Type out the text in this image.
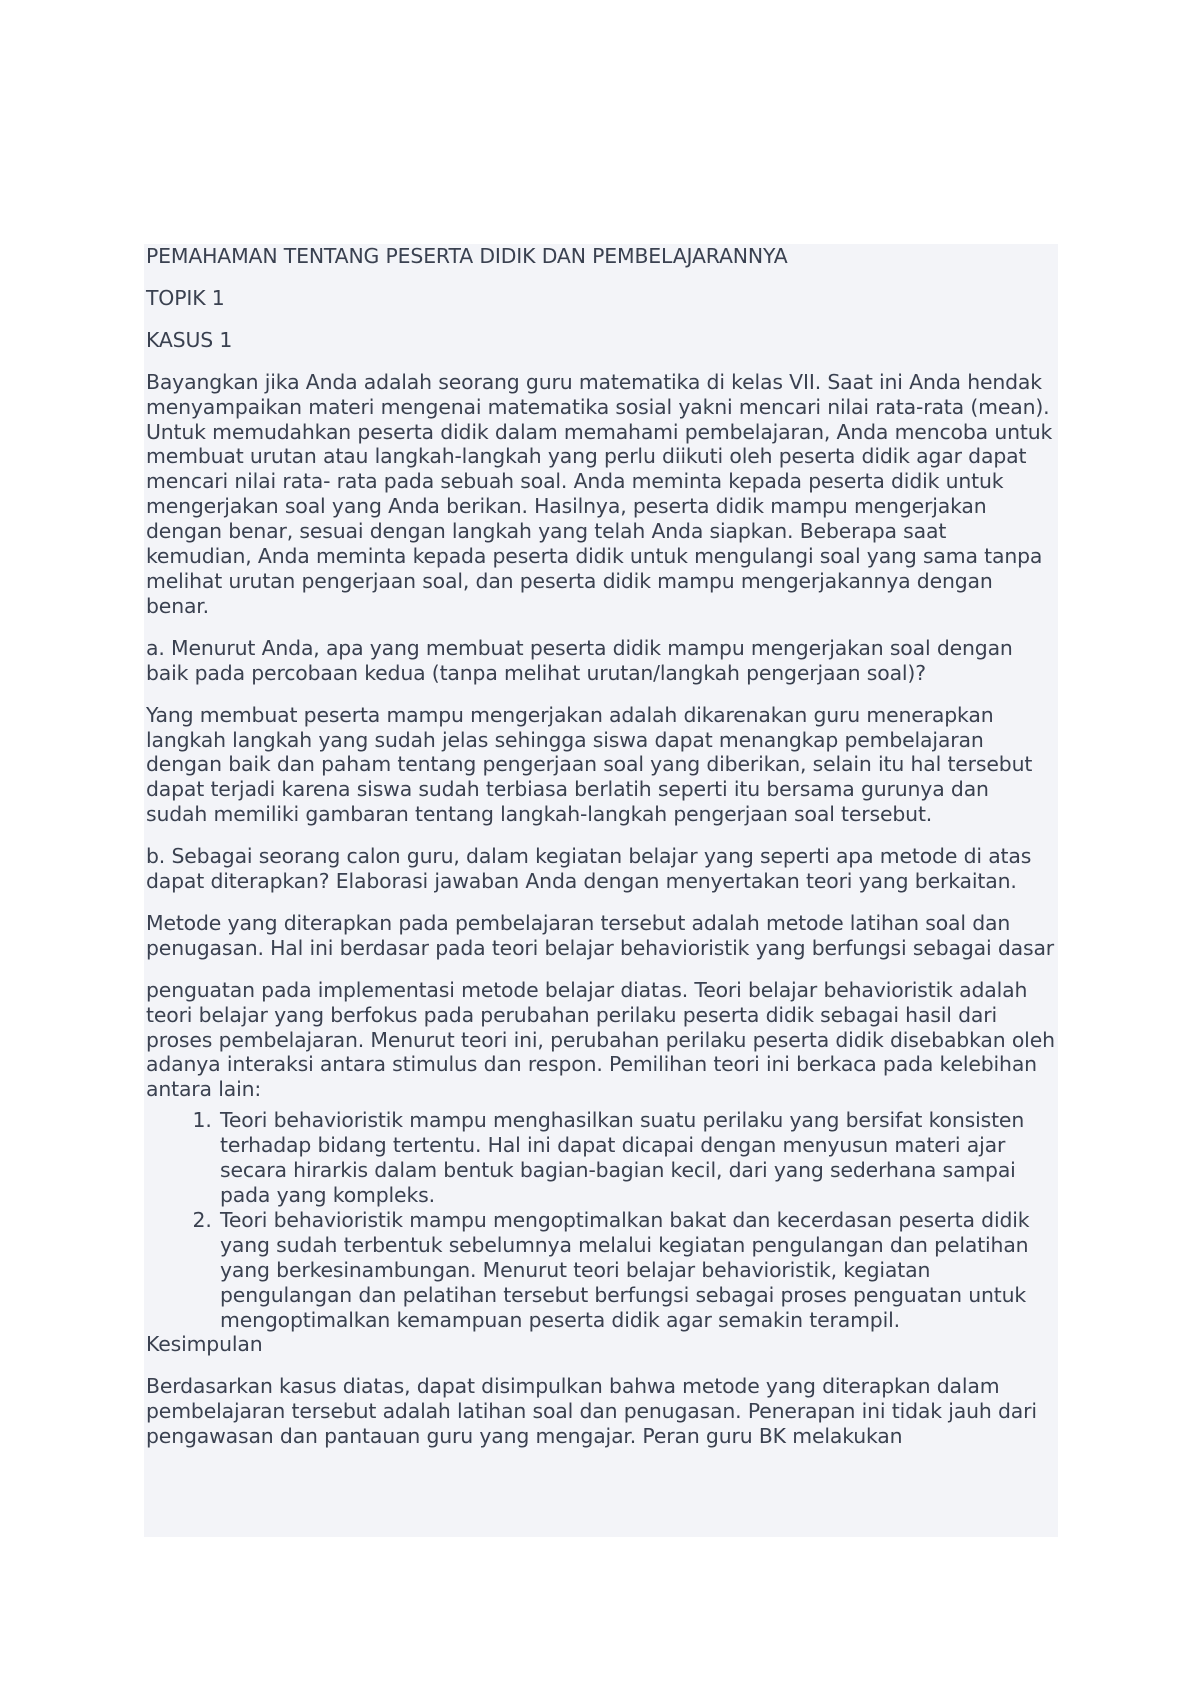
PEMAHAMAN TENTANG PESERTA DIDIK DAN PEMBELAJARANNYA
TOPIK 1
KASUS 1

Bayangkan jika Anda adalah seorang guru matematika di kelas VII. Saat ini Anda hendak menyampaikan materi mengenai matematika sosial yakni mencari nilai rata-rata (mean). Untuk memudahkan peserta didik dalam memahami pembelajaran, Anda mencoba untuk membuat urutan atau langkah-langkah yang perlu diikuti oleh peserta didik agar dapat mencari nilai rata- rata pada sebuah soal. Anda meminta kepada peserta didik untuk mengerjakan soal yang Anda berikan. Hasilnya, peserta didik mampu mengerjakan dengan benar, sesuai dengan langkah yang telah Anda siapkan. Beberapa saat kemudian, Anda meminta kepada peserta didik untuk mengulangi soal yang sama tanpa melihat urutan pengerjaan soal, dan peserta didik mampu mengerjakannya dengan benar.

a. Menurut Anda, apa yang membuat peserta didik mampu mengerjakan soal dengan baik pada percobaan kedua (tanpa melihat urutan/langkah pengerjaan soal)?

Yang membuat peserta mampu mengerjakan adalah dikarenakan guru menerapkan langkah langkah yang sudah jelas sehingga siswa dapat menangkap pembelajaran dengan baik dan paham tentang pengerjaan soal yang diberikan, selain itu hal tersebut dapat terjadi karena siswa sudah terbiasa berlatih seperti itu bersama gurunya dan sudah memiliki gambaran tentang langkah-langkah pengerjaan soal tersebut.

b. Sebagai seorang calon guru, dalam kegiatan belajar yang seperti apa metode di atas dapat diterapkan? Elaborasi jawaban Anda dengan menyertakan teori yang berkaitan.

Metode yang diterapkan pada pembelajaran tersebut adalah metode latihan soal dan penugasan. Hal ini berdasar pada teori belajar behavioristik yang berfungsi sebagai dasar

penguatan pada implementasi metode belajar diatas. Teori belajar behavioristik adalah teori belajar yang berfokus pada perubahan perilaku peserta didik sebagai hasil dari proses pembelajaran. Menurut teori ini, perubahan perilaku peserta didik disebabkan oleh adanya interaksi antara stimulus dan respon. Pemilihan teori ini berkaca pada kelebihan antara lain:

1. Teori behavioristik mampu menghasilkan suatu perilaku yang bersifat konsisten terhadap bidang tertentu. Hal ini dapat dicapai dengan menyusun materi ajar secara hirarkis dalam bentuk bagian-bagian kecil, dari yang sederhana sampai pada yang kompleks.
2. Teori behavioristik mampu mengoptimalkan bakat dan kecerdasan peserta didik yang sudah terbentuk sebelumnya melalui kegiatan pengulangan dan pelatihan yang berkesinambungan. Menurut teori belajar behavioristik, kegiatan pengulangan dan pelatihan tersebut berfungsi sebagai proses penguatan untuk mengoptimalkan kemampuan peserta didik agar semakin terampil.

Kesimpulan

Berdasarkan kasus diatas, dapat disimpulkan bahwa metode yang diterapkan dalam pembelajaran tersebut adalah latihan soal dan penugasan. Penerapan ini tidak jauh dari pengawasan dan pantauan guru yang mengajar. Peran guru BK melakukan
